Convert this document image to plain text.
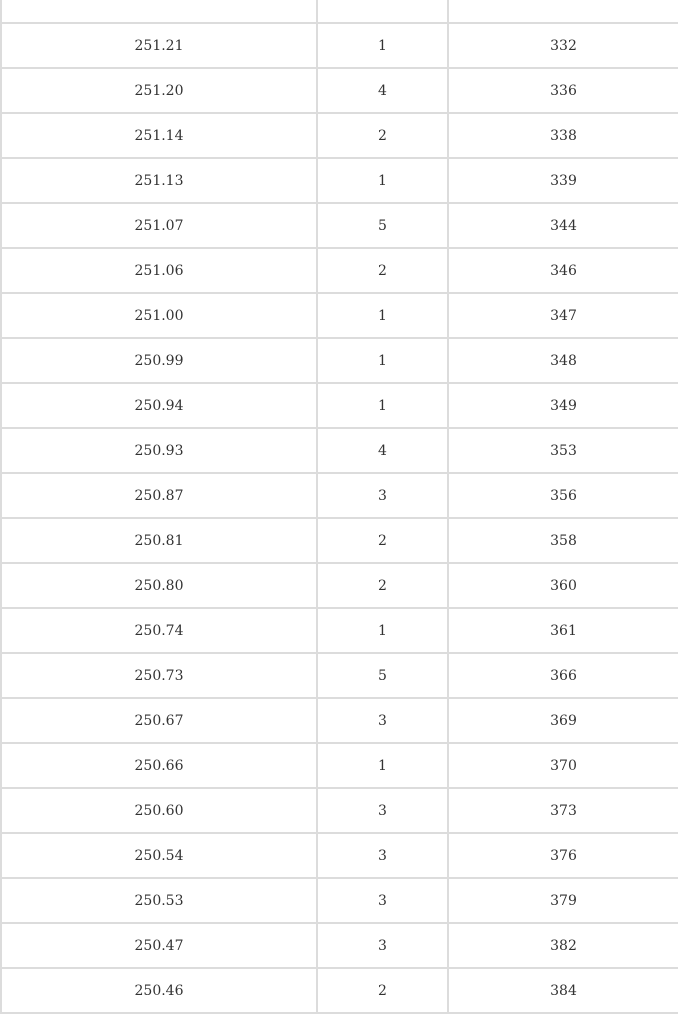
251.21	1	332
251.20	4	336
251.14	2	338
251.13	1	339
251.07	5	344
251.06	2	346
251.00	1	347
250.99	1	348
250.94	1	349
250.93	4	353
250.87	3	356
250.81	2	358
250.80	2	360
250.74	1	361
250.73	5	366
250.67	3	369
250.66	1	370
250.60	3	373
250.54	3	376
250.53	3	379
250.47	3	382
250.46	2	384
